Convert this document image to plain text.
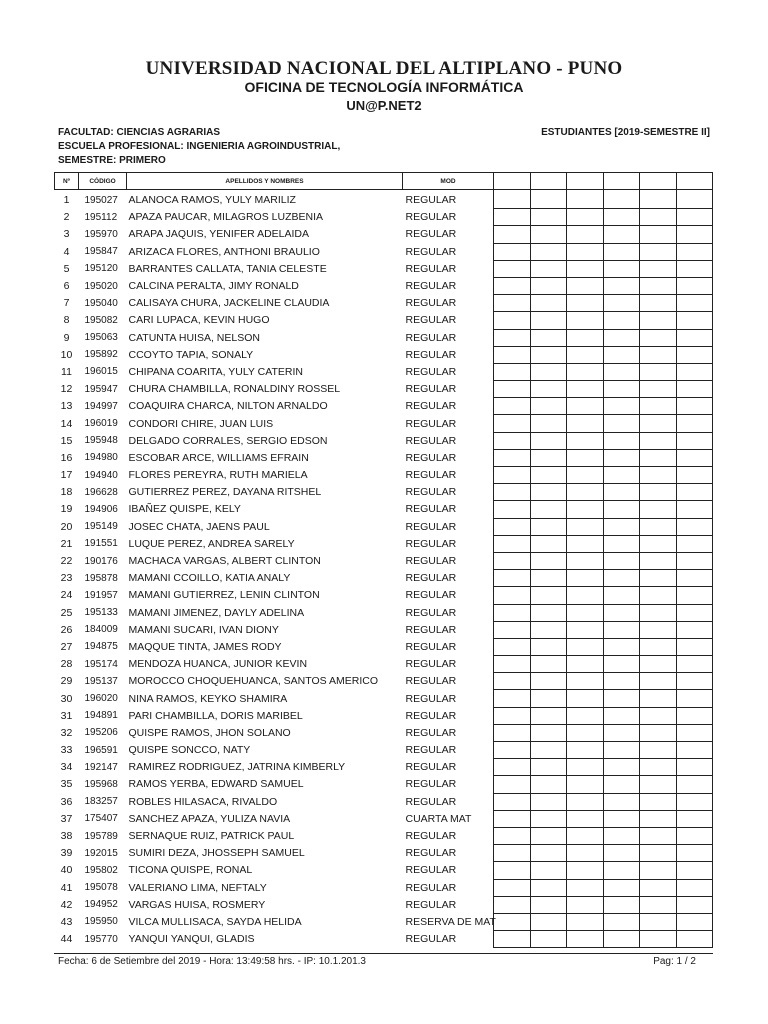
UNIVERSIDAD NACIONAL DEL ALTIPLANO - PUNO
OFICINA DE TECNOLOGÍA INFORMÁTICA
UN@P.NET2
FACULTAD: CIENCIAS AGRARIAS
ESCUELA PROFESIONAL: INGENIERIA AGROINDUSTRIAL,
SEMESTRE: PRIMERO
ESTUDIANTES [2019-SEMESTRE II]
Nº	CÓDIGO	APELLIDOS Y NOMBRES	MOD						
1	195027	ALANOCA RAMOS, YULY MARILIZ	REGULAR						
2	195112	APAZA PAUCAR, MILAGROS LUZBENIA	REGULAR						
3	195970	ARAPA JAQUIS, YENIFER ADELAIDA	REGULAR						
4	195847	ARIZACA FLORES, ANTHONI BRAULIO	REGULAR						
5	195120	BARRANTES CALLATA, TANIA CELESTE	REGULAR						
6	195020	CALCINA PERALTA, JIMY RONALD	REGULAR						
7	195040	CALISAYA CHURA, JACKELINE CLAUDIA	REGULAR						
8	195082	CARI LUPACA, KEVIN HUGO	REGULAR						
9	195063	CATUNTA HUISA, NELSON	REGULAR						
10	195892	CCOYTO TAPIA, SONALY	REGULAR						
11	196015	CHIPANA COARITA, YULY CATERIN	REGULAR						
12	195947	CHURA CHAMBILLA, RONALDINY ROSSEL	REGULAR						
13	194997	COAQUIRA CHARCA, NILTON ARNALDO	REGULAR						
14	196019	CONDORI CHIRE, JUAN LUIS	REGULAR						
15	195948	DELGADO CORRALES, SERGIO EDSON	REGULAR						
16	194980	ESCOBAR ARCE, WILLIAMS EFRAIN	REGULAR						
17	194940	FLORES PEREYRA, RUTH MARIELA	REGULAR						
18	196628	GUTIERREZ PEREZ, DAYANA RITSHEL	REGULAR						
19	194906	IBAÑEZ QUISPE, KELY	REGULAR						
20	195149	JOSEC CHATA, JAENS PAUL	REGULAR						
21	191551	LUQUE PEREZ, ANDREA SARELY	REGULAR						
22	190176	MACHACA VARGAS, ALBERT CLINTON	REGULAR						
23	195878	MAMANI CCOILLO, KATIA ANALY	REGULAR						
24	191957	MAMANI GUTIERREZ, LENIN CLINTON	REGULAR						
25	195133	MAMANI JIMENEZ, DAYLY ADELINA	REGULAR						
26	184009	MAMANI SUCARI, IVAN DIONY	REGULAR						
27	194875	MAQQUE TINTA, JAMES RODY	REGULAR						
28	195174	MENDOZA HUANCA, JUNIOR KEVIN	REGULAR						
29	195137	MOROCCO CHOQUEHUANCA, SANTOS AMERICO	REGULAR						
30	196020	NINA RAMOS, KEYKO SHAMIRA	REGULAR						
31	194891	PARI CHAMBILLA, DORIS MARIBEL	REGULAR						
32	195206	QUISPE RAMOS, JHON SOLANO	REGULAR						
33	196591	QUISPE SONCCO, NATY	REGULAR						
34	192147	RAMIREZ RODRIGUEZ, JATRINA KIMBERLY	REGULAR						
35	195968	RAMOS YERBA, EDWARD SAMUEL	REGULAR						
36	183257	ROBLES HILASACA, RIVALDO	REGULAR						
37	175407	SANCHEZ APAZA, YULIZA NAVIA	CUARTA MAT						
38	195789	SERNAQUE RUIZ, PATRICK PAUL	REGULAR						
39	192015	SUMIRI DEZA, JHOSSEPH SAMUEL	REGULAR						
40	195802	TICONA QUISPE, RONAL	REGULAR						
41	195078	VALERIANO LIMA, NEFTALY	REGULAR						
42	194952	VARGAS HUISA, ROSMERY	REGULAR						
43	195950	VILCA MULLISACA, SAYDA HELIDA	RESERVA DE MAT						
44	195770	YANQUI YANQUI, GLADIS	REGULAR						
Fecha: 6 de Setiembre del 2019 - Hora: 13:49:58 hrs. - IP: 10.1.201.3	Pag: 1 / 2
